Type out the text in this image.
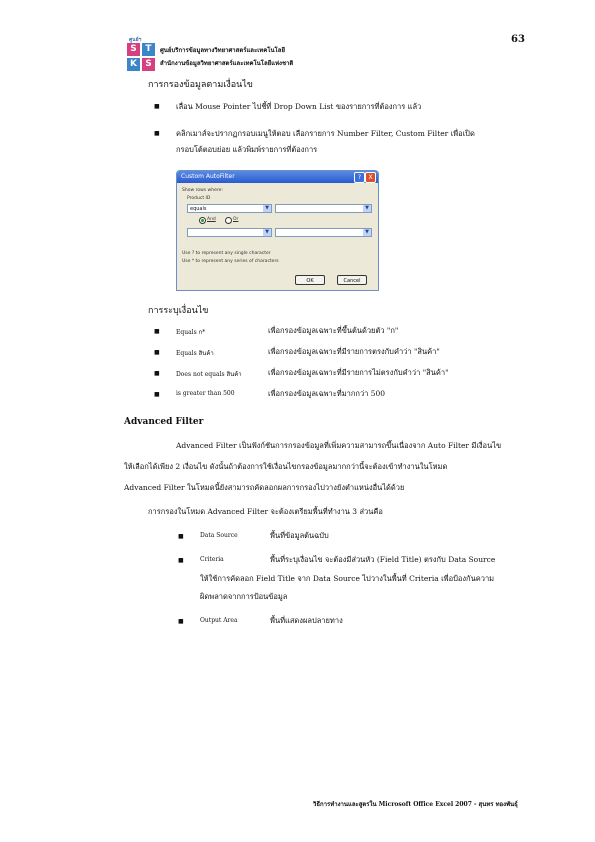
63
ศูนย์ฯ
S T
K S
ศูนย์บริการข้อมูลทางวิทยาศาสตร์และเทคโนโลยี
สำนักงานข้อมูลวิทยาศาสตร์และเทคโนโลยีแห่งชาติ
การกรองข้อมูลตามเงื่อนไข
■ เลื่อน Mouse Pointer ไปชี้ที่ Drop Down List ของรายการที่ต้องการ แล้ว
■ คลิกเมาส์จะปรากฏกรอบเมนูให้ตอบ เลือกรายการ Number Filter, Custom Filter เพื่อเปิด
กรอบโต้ตอบย่อย แล้วพิมพ์รายการที่ต้องการ
Custom AutoFilter	?	X
Show rows where:
Product ID
equals	▼	▼
And	Or
▼	▼
Use ? to represent any single character
Use * to represent any series of characters
OK	Cancel
การระบุเงื่อนไข
■	Equals ก*	เพื่อกรองข้อมูลเฉพาะที่ขึ้นต้นด้วยตัว "ก"
■	Equals สินค้า	เพื่อกรองข้อมูลเฉพาะที่มีรายการตรงกับคำว่า "สินค้า"
■	Does not equals สินค้า	เพื่อกรองข้อมูลเฉพาะที่มีรายการไม่ตรงกับคำว่า "สินค้า"
■	is greater than 500	เพื่อกรองข้อมูลเฉพาะที่มากกว่า 500
Advanced Filter
Advanced Filter เป็นฟังก์ชันการกรองข้อมูลที่เพิ่มความสามารถขึ้นเนื่องจาก Auto Filter มีเงื่อนไข
ให้เลือกได้เพียง 2 เงื่อนไข ดังนั้นถ้าต้องการใช้เงื่อนไขกรองข้อมูลมากกว่านี้จะต้องเข้าทำงานในโหมด
Advanced Filter ในโหมดนี้ยังสามารถคัดลอกผลการกรองไปวางยังตำแหน่งอื่นได้ด้วย
การกรองในโหมด Advanced Filter จะต้องเตรียมพื้นที่ทำงาน 3 ส่วนคือ
■	Data Source	พื้นที่ข้อมูลต้นฉบับ
■	Criteria	พื้นที่ระบุเงื่อนไข จะต้องมีส่วนหัว (Field Title) ตรงกับ Data Source
ให้ใช้การคัดลอก Field Title จาก Data Source ไปวางในพื้นที่ Criteria เพื่อป้องกันความ
ผิดพลาดจากการป้อนข้อมูล
■	Output Area	พื้นที่แสดงผลปลายทาง
วิธีการทำงานและสูตรใน Microsoft Office Excel 2007 - สุนทร ทองพันธุ์
